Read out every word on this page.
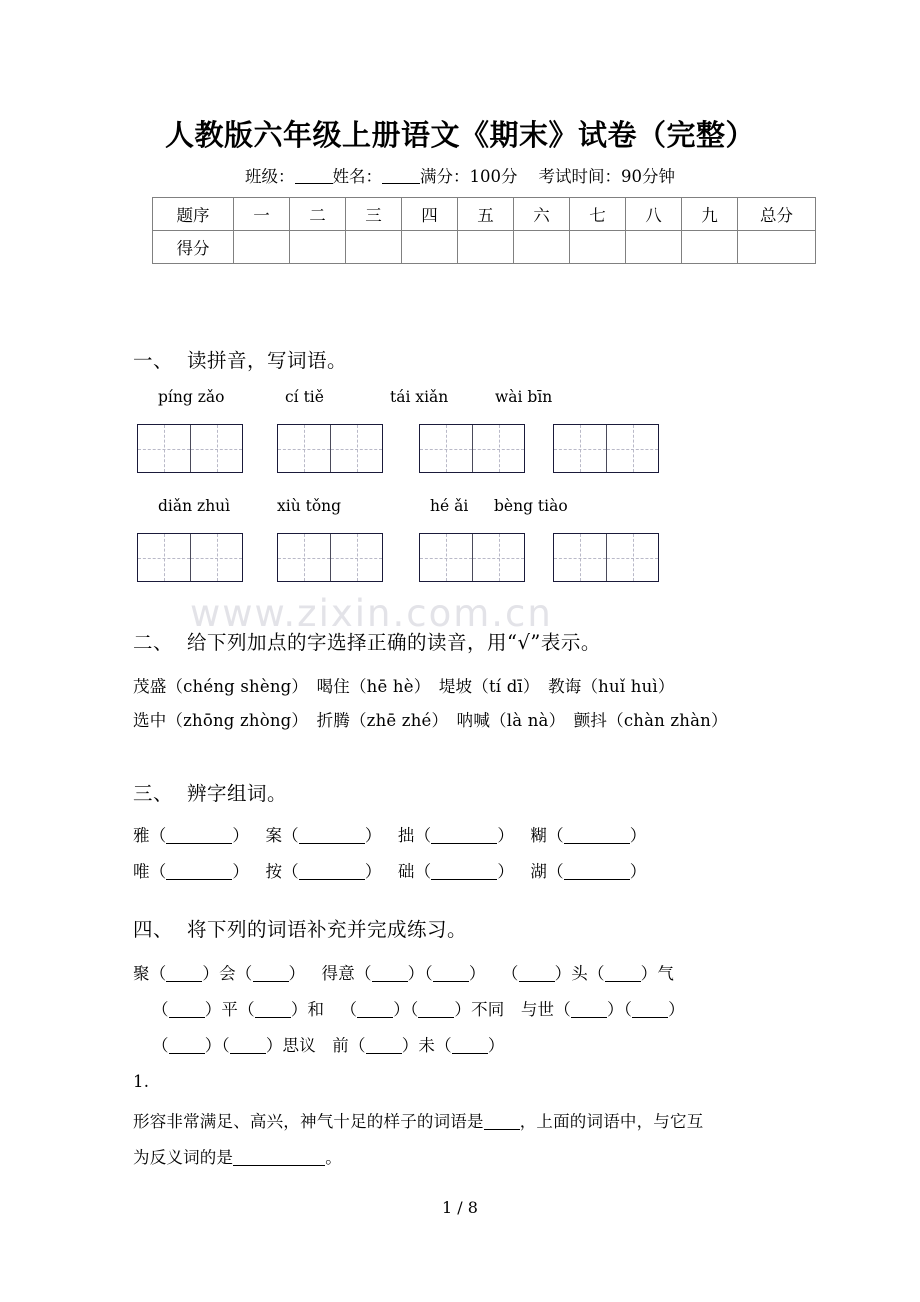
www.zixin.com.cn
人教版六年级上册语文《期末》试卷（完整）
班级： 姓名： 满分：100分 考试时间：90分钟
题序	一	二	三	四	五	六	七	八	九	总分
得分										
一、 读拼音，写词语。
píng zǎo	cí tiě	tái xiǎn	wài bīn
diǎn zhuì	xiù tǒng	hé ǎi bèng tiào
二、 给下列加点的字选择正确的读音，用“√”表示。
茂盛（chéng shèng）　喝住（hē hè）　堤坡（tí dī）　教诲（huǐ huì）
选中（zhōng zhòng）　折腾（zhē zhé）　呐喊（là nà）　颤抖（chàn zhàn）
三、 辨字组词。
雅（	）   案（	）   拙（	）   糊（	）
唯（	）   按（	）   础（	）   湖（	）
四、 将下列的词语补充并完成练习。
聚（ ）会（ ）   得意（ ）（ ）   （ ）头（ ）气
（ ）平（ ）和   （ ）（ ）不同   与世（ ）（ ）
（ ）（ ）思议   前（ ）未（ ）
1.
形容非常满足、高兴，神气十足的样子的词语是 ，上面的词语中，与它互
为反义词的是	。
1 / 8
